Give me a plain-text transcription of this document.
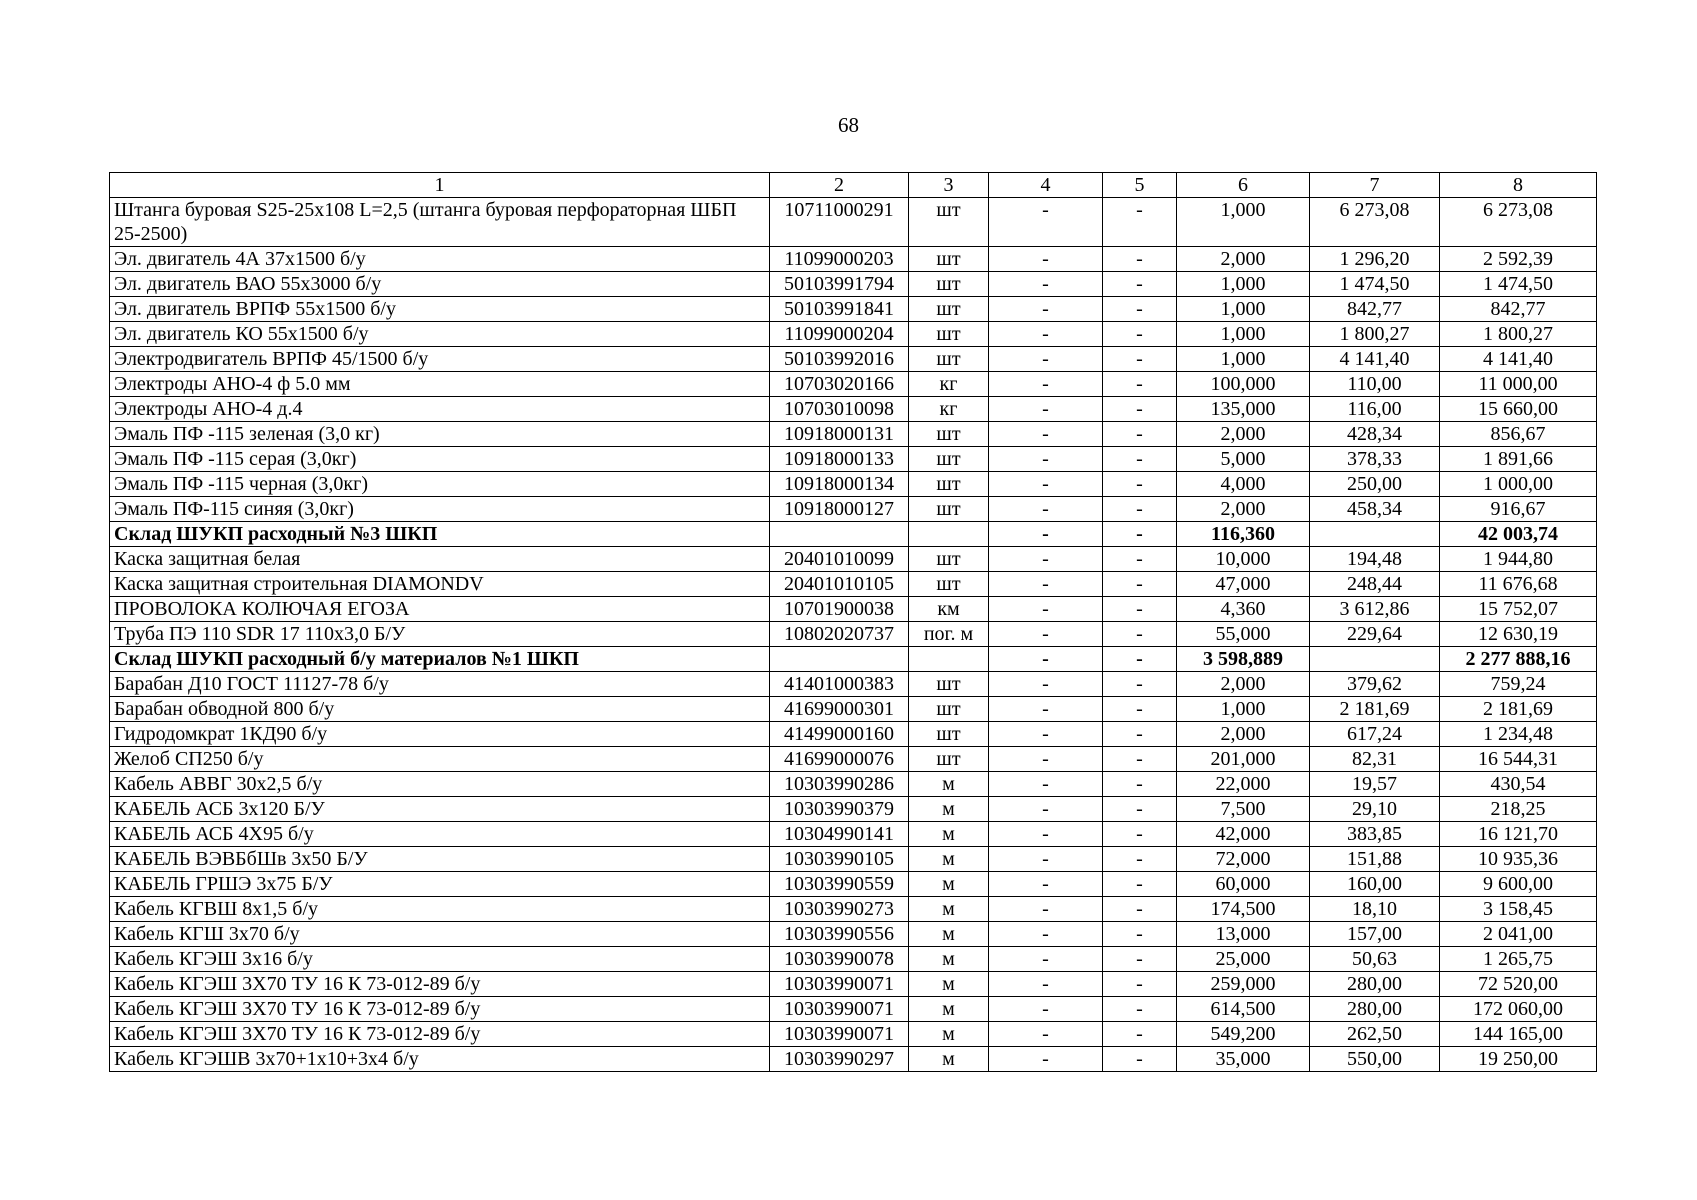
68
1	2	3	4	5	6	7	8
Штанга буровая S25-25x108 L=2,5 (штанга буровая перфораторная ШБП 25-2500)	10711000291	шт	-	-	1,000	6 273,08	6 273,08
Эл. двигатель 4А 37х1500 б/у	11099000203	шт	-	-	2,000	1 296,20	2 592,39
Эл. двигатель ВАО 55х3000 б/у	50103991794	шт	-	-	1,000	1 474,50	1 474,50
Эл. двигатель ВРПФ 55х1500 б/у	50103991841	шт	-	-	1,000	842,77	842,77
Эл. двигатель КО 55х1500 б/у	11099000204	шт	-	-	1,000	1 800,27	1 800,27
Электродвигатель ВРПФ 45/1500 б/у	50103992016	шт	-	-	1,000	4 141,40	4 141,40
Электроды АНО-4 ф 5.0 мм	10703020166	кг	-	-	100,000	110,00	11 000,00
Электроды АНО-4 д.4	10703010098	кг	-	-	135,000	116,00	15 660,00
Эмаль ПФ -115 зеленая (3,0 кг)	10918000131	шт	-	-	2,000	428,34	856,67
Эмаль ПФ -115 серая (3,0кг)	10918000133	шт	-	-	5,000	378,33	1 891,66
Эмаль ПФ -115 черная (3,0кг)	10918000134	шт	-	-	4,000	250,00	1 000,00
Эмаль ПФ-115 синяя (3,0кг)	10918000127	шт	-	-	2,000	458,34	916,67
Склад ШУКП расходный №3 ШКП			-	-	116,360		42 003,74
Каска защитная белая	20401010099	шт	-	-	10,000	194,48	1 944,80
Каска защитная строительная DIAMONDV	20401010105	шт	-	-	47,000	248,44	11 676,68
ПРОВОЛОКА КОЛЮЧАЯ ЕГОЗА	10701900038	км	-	-	4,360	3 612,86	15 752,07
Труба ПЭ 110 SDR 17 110х3,0 Б/У	10802020737	пог. м	-	-	55,000	229,64	12 630,19
Склад ШУКП расходный б/у материалов №1 ШКП			-	-	3 598,889		2 277 888,16
Барабан Д10 ГОСТ 11127-78 б/у	41401000383	шт	-	-	2,000	379,62	759,24
Барабан обводной 800 б/у	41699000301	шт	-	-	1,000	2 181,69	2 181,69
Гидродомкрат 1КД90 б/у	41499000160	шт	-	-	2,000	617,24	1 234,48
Желоб СП250 б/у	41699000076	шт	-	-	201,000	82,31	16 544,31
Кабель АВВГ 30х2,5 б/у	10303990286	м	-	-	22,000	19,57	430,54
КАБЕЛЬ АСБ 3х120 Б/У	10303990379	м	-	-	7,500	29,10	218,25
КАБЕЛЬ АСБ 4Х95 б/у	10304990141	м	-	-	42,000	383,85	16 121,70
КАБЕЛЬ ВЭВБбШв 3х50 Б/У	10303990105	м	-	-	72,000	151,88	10 935,36
КАБЕЛЬ ГРШЭ 3х75 Б/У	10303990559	м	-	-	60,000	160,00	9 600,00
Кабель КГВШ 8х1,5 б/у	10303990273	м	-	-	174,500	18,10	3 158,45
Кабель КГШ 3х70 б/у	10303990556	м	-	-	13,000	157,00	2 041,00
Кабель КГЭШ 3х16 б/у	10303990078	м	-	-	25,000	50,63	1 265,75
Кабель КГЭШ 3Х70 ТУ 16 К 73-012-89 б/у	10303990071	м	-	-	259,000	280,00	72 520,00
Кабель КГЭШ 3Х70 ТУ 16 К 73-012-89 б/у	10303990071	м	-	-	614,500	280,00	172 060,00
Кабель КГЭШ 3Х70 ТУ 16 К 73-012-89 б/у	10303990071	м	-	-	549,200	262,50	144 165,00
Кабель КГЭШВ 3х70+1х10+3х4 б/у	10303990297	м	-	-	35,000	550,00	19 250,00
